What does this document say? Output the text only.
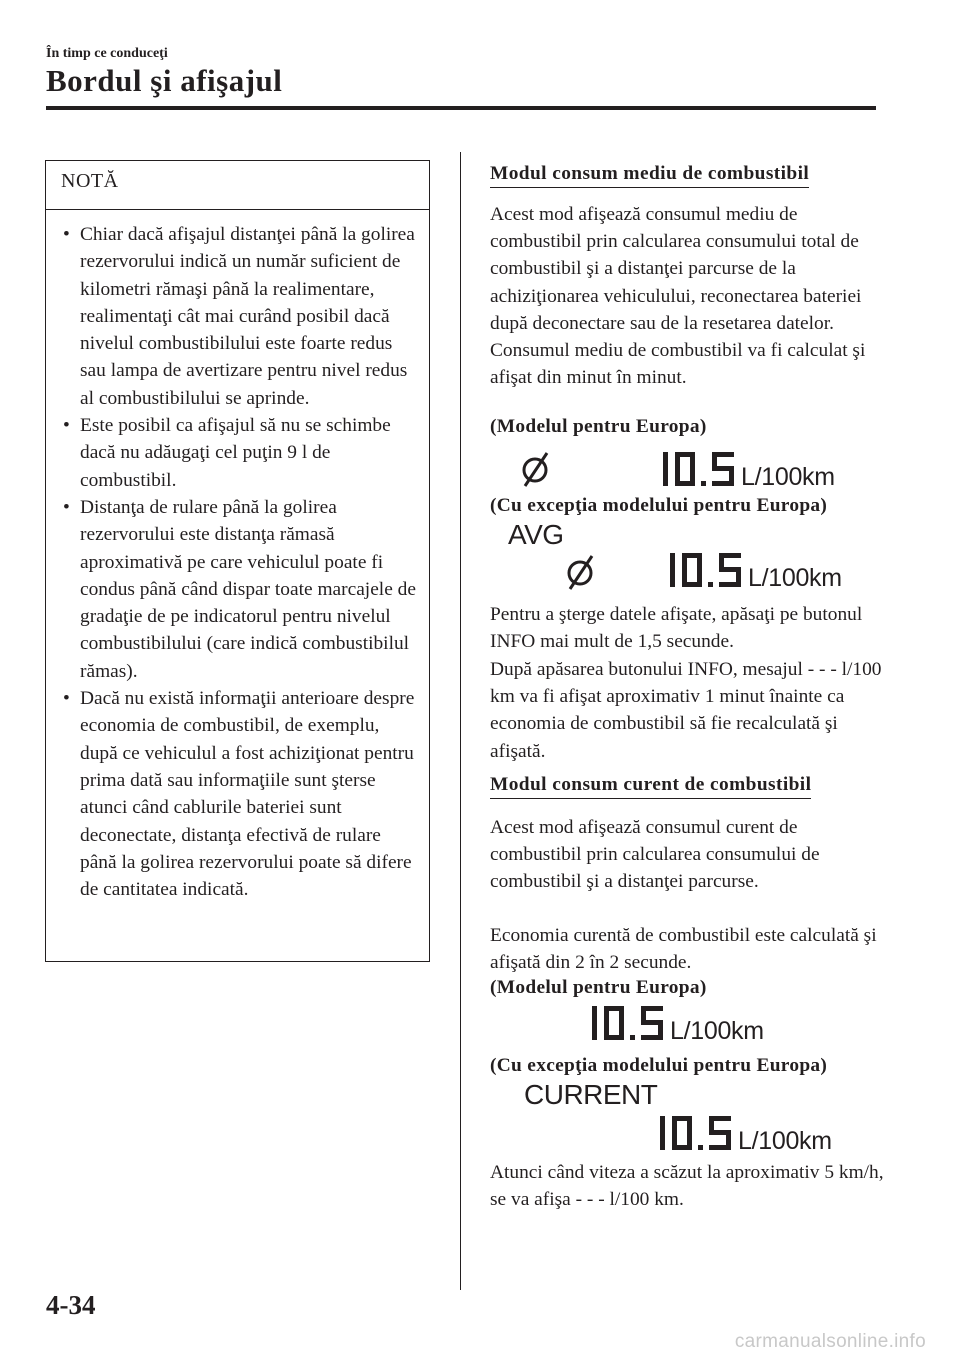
În timp ce conduceţi
Bordul şi afişajul
NOTĂ
• Chiar dacă afişajul distanţei până la golirea rezervorului indică un număr suficient de kilometri rămaşi până la realimentare, realimentaţi cât mai curând posibil dacă nivelul combustibilului este foarte redus sau lampa de avertizare pentru nivel redus al combustibilului se aprinde.
• Este posibil ca afişajul să nu se schimbe dacă nu adăugaţi cel puţin 9 l de combustibil.
• Distanţa de rulare până la golirea rezervorului este distanţa rămasă aproximativă pe care vehiculul poate fi condus până când dispar toate marcajele de gradaţie de pe indicatorul pentru nivelul combustibilului (care indică combustibilul rămas).
• Dacă nu există informaţii anterioare despre economia de combustibil, de exemplu, după ce vehiculul a fost achiziţionat pentru prima dată sau informaţiile sunt şterse atunci când cablurile bateriei sunt deconectate, distanţa efectivă de rulare până la golirea rezervorului poate să difere de cantitatea indicată.
Modul consum mediu de combustibil

Acest mod afişează consumul mediu de combustibil prin calcularea consumului total de combustibil şi a distanţei parcurse de la achiziţionarea vehiculului, reconectarea bateriei după deconectare sau de la resetarea datelor. Consumul mediu de combustibil va fi calculat şi afişat din minut în minut.

(Modelul pentru Europa)
L/100km
(Cu excepţia modelului pentru Europa)
AVG
L/100km

Pentru a şterge datele afişate, apăsaţi pe butonul INFO mai mult de 1,5 secunde.

După apăsarea butonului INFO, mesajul - - - l/100 km va fi afişat aproximativ 1 minut înainte ca economia de combustibil să fie recalculată şi afişată.

Modul consum curent de combustibil

Acest mod afişează consumul curent de combustibil prin calcularea consumului de combustibil şi a distanţei parcurse.

Economia curentă de combustibil este calculată şi afişată din 2 în 2 secunde.

(Modelul pentru Europa)
L/100km
(Cu excepţia modelului pentru Europa)
CURRENT
L/100km

Atunci când viteza a scăzut la aproximativ 5 km/h, se va afişa - - - l/100 km.

4-34
carmanualsonline.info
